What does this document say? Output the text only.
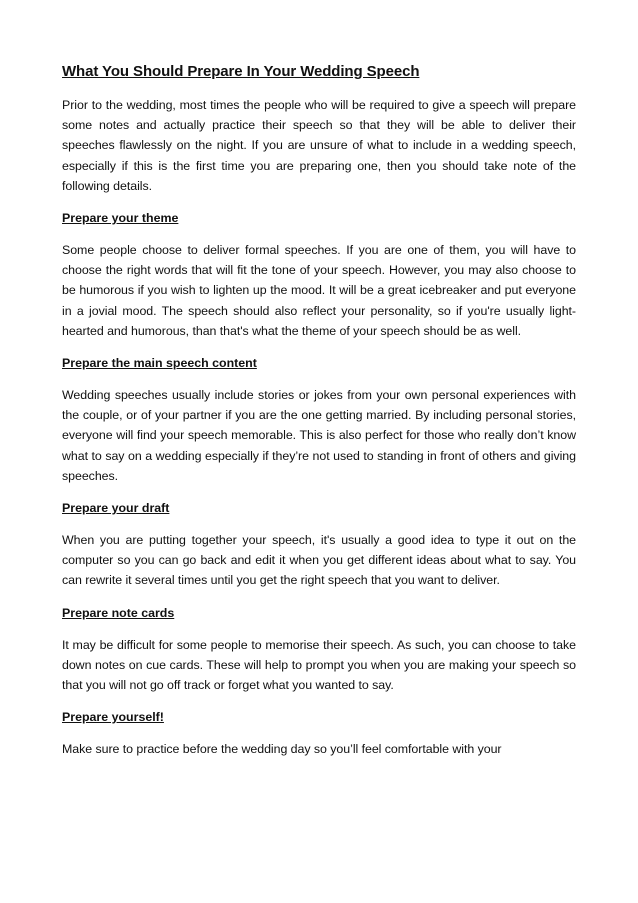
What You Should Prepare In Your Wedding Speech

Prior to the wedding, most times the people who will be required to give a speech will prepare some notes and actually practice their speech so that they will be able to deliver their speeches flawlessly on the night. If you are unsure of what to include in a wedding speech, especially if this is the first time you are preparing one, then you should take note of the following details.

Prepare your theme

Some people choose to deliver formal speeches. If you are one of them, you will have to choose the right words that will fit the tone of your speech. However, you may also choose to be humorous if you wish to lighten up the mood. It will be a great icebreaker and put everyone in a jovial mood. The speech should also reflect your personality, so if you're usually light-hearted and humorous, than that's what the theme of your speech should be as well.

Prepare the main speech content

Wedding speeches usually include stories or jokes from your own personal experiences with the couple, or of your partner if you are the one getting married. By including personal stories, everyone will find your speech memorable. This is also perfect for those who really don’t know what to say on a wedding especially if they’re not used to standing in front of others and giving speeches.

Prepare your draft

When you are putting together your speech, it's usually a good idea to type it out on the computer so you can go back and edit it when you get different ideas about what to say. You can rewrite it several times until you get the right speech that you want to deliver.

Prepare note cards

It may be difficult for some people to memorise their speech. As such, you can choose to take down notes on cue cards. These will help to prompt you when you are making your speech so that you will not go off track or forget what you wanted to say.

Prepare yourself!

Make sure to practice before the wedding day so you’ll feel comfortable with your
